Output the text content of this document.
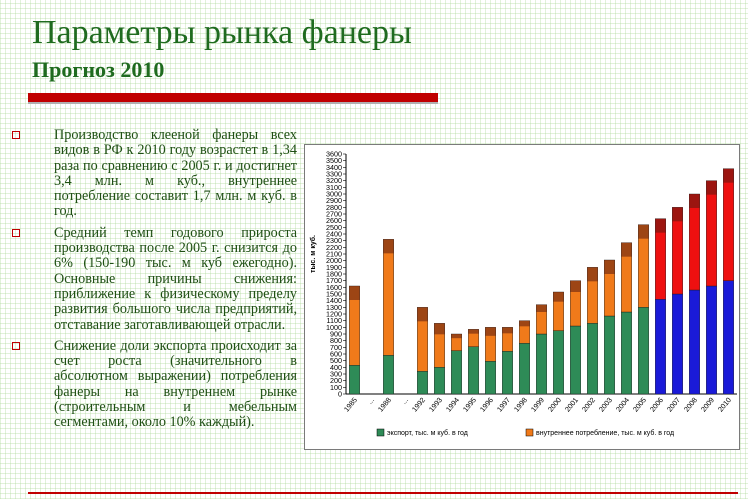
Параметры рынка фанеры
Прогноз 2010
Производство клееной фанеры всех видов в РФ к 2010 году возрастет в 1,34 раза по сравнению с 2005 г. и достигнет 3,4 млн. м куб., внутреннее потребление составит 1,7 млн. м куб. в год.
Средний темп годового прироста производства после 2005 г. снизится до 6% (150-190 тыс. м куб ежегодно). Основные причины снижения: приближение к физическому пределу развития большого числа предприятий, отставание заготавливающей отрасли.
Снижение доли экспорта происходит за счет роста (значительного в абсолютном выражении) потребления фанеры на внутреннем рынке (строительным и мебельным сегментами, около 10% каждый).
0
100
200
300
400
500
600
700
800
900
1000
1100
1200
1300
1400
1500
1600
1700
1800
1900
2000
2100
2200
2300
2400
2500
2600
2700
2800
2900
3000
3100
3200
3300
3400
3500
3600
тыс. м куб.
1985 ... 1988 ... 1992 1993 1994 1995 1996 1997 1998 1999 2000 2001 2002 2003 2004 2005 2006 2007 2008 2009 2010
экспорт, тыс. м куб. в год	внутреннее потребление, тыс. м куб. в год
